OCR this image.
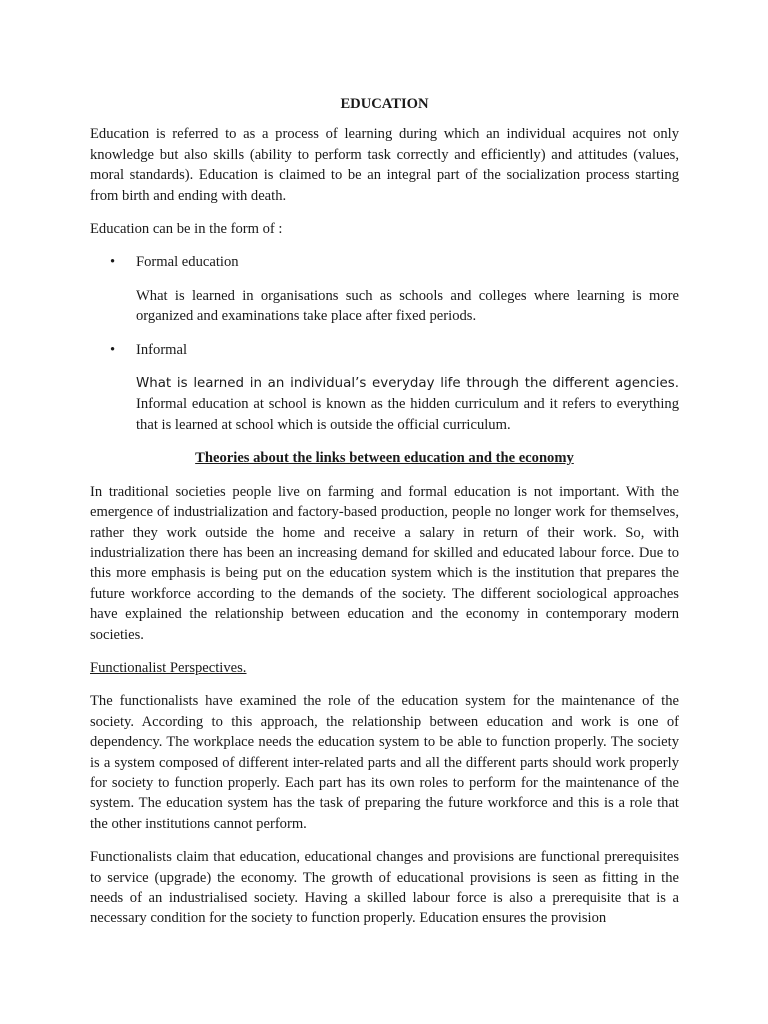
EDUCATION

Education is referred to as a process of learning during which an individual acquires not only knowledge but also skills (ability to perform task correctly and efficiently) and attitudes (values, moral standards). Education is claimed to be an integral part of the socialization process starting from birth and ending with death.

Education can be in the form of :

• Formal education

What is learned in organisations such as schools and colleges where learning is more organized and examinations take place after fixed periods.

• Informal

What is learned in an individual’s everyday life through the different agencies. Informal education at school is known as the hidden curriculum and it refers to everything that is learned at school which is outside the official curriculum.

Theories about the links between education and the economy

In traditional societies people live on farming and formal education is not important. With the emergence of industrialization and factory-based production, people no longer work for themselves, rather they work outside the home and receive a salary in return of their work. So, with industrialization there has been an increasing demand for skilled and educated labour force. Due to this more emphasis is being put on the education system which is the institution that prepares the future workforce according to the demands of the society. The different sociological approaches have explained the relationship between education and the economy in contemporary modern societies.

Functionalist Perspectives.

The functionalists have examined the role of the education system for the maintenance of the society. According to this approach, the relationship between education and work is one of dependency. The workplace needs the education system to be able to function properly. The society is a system composed of different inter-related parts and all the different parts should work properly for society to function properly. Each part has its own roles to perform for the maintenance of the system. The education system has the task of preparing the future workforce and this is a role that the other institutions cannot perform.

Functionalists claim that education, educational changes and provisions are functional prerequisites to service (upgrade) the economy. The growth of educational provisions is seen as fitting in the needs of an industrialised society. Having a skilled labour force is also a prerequisite that is a necessary condition for the society to function properly. Education ensures the provision
